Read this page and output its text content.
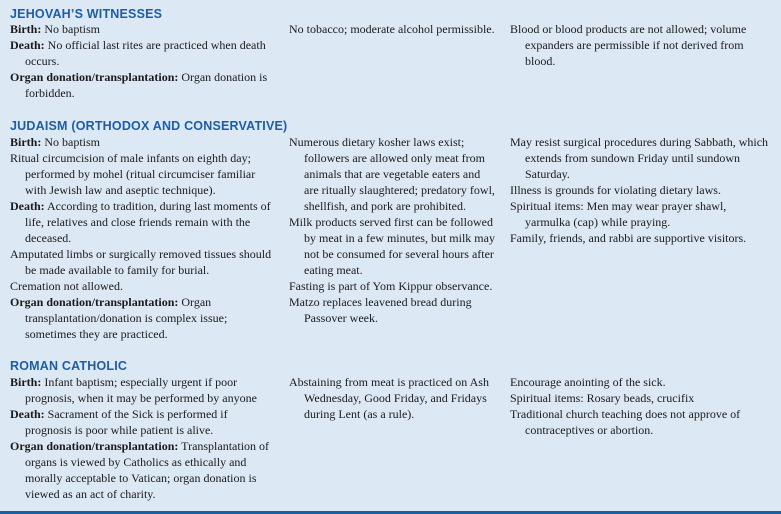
JEHOVAH’S WITNESSES
Birth: No baptism
Death: No official last rites are practiced when death occurs.
Organ donation/transplantation: Organ donation is forbidden.
No tobacco; moderate alcohol permissible. Blood or blood products are not allowed; volume expanders are permissible if not derived from blood.
JUDAISM (ORTHODOX AND CONSERVATIVE)
Birth: No baptism
Ritual circumcision of male infants on eighth day; performed by mohel (ritual circumciser familiar with Jewish law and aseptic technique).
Death: According to tradition, during last moments of life, relatives and close friends remain with the deceased.
Amputated limbs or surgically removed tissues should be made available to family for burial.
Cremation not allowed.
Organ donation/transplantation: Organ transplantation/donation is complex issue; sometimes they are practiced.
Numerous dietary kosher laws exist; followers are allowed only meat from animals that are vegetable eaters and are ritually slaughtered; predatory fowl, shellfish, and pork are prohibited.
Milk products served first can be followed by meat in a few minutes, but milk may not be consumed for several hours after eating meat.
Fasting is part of Yom Kippur observance.
Matzo replaces leavened bread during Passover week.
May resist surgical procedures during Sabbath, which extends from sundown Friday until sundown Saturday.
Illness is grounds for violating dietary laws.
Spiritual items: Men may wear prayer shawl, yarmulka (cap) while praying.
Family, friends, and rabbi are supportive visitors.
ROMAN CATHOLIC
Birth: Infant baptism; especially urgent if poor prognosis, when it may be performed by anyone
Death: Sacrament of the Sick is performed if prognosis is poor while patient is alive.
Organ donation/transplantation: Transplantation of organs is viewed by Catholics as ethically and morally acceptable to Vatican; organ donation is viewed as an act of charity.
Abstaining from meat is practiced on Ash Wednesday, Good Friday, and Fridays during Lent (as a rule).
Encourage anointing of the sick.
Spiritual items: Rosary beads, crucifix
Traditional church teaching does not approve of contraceptives or abortion.
